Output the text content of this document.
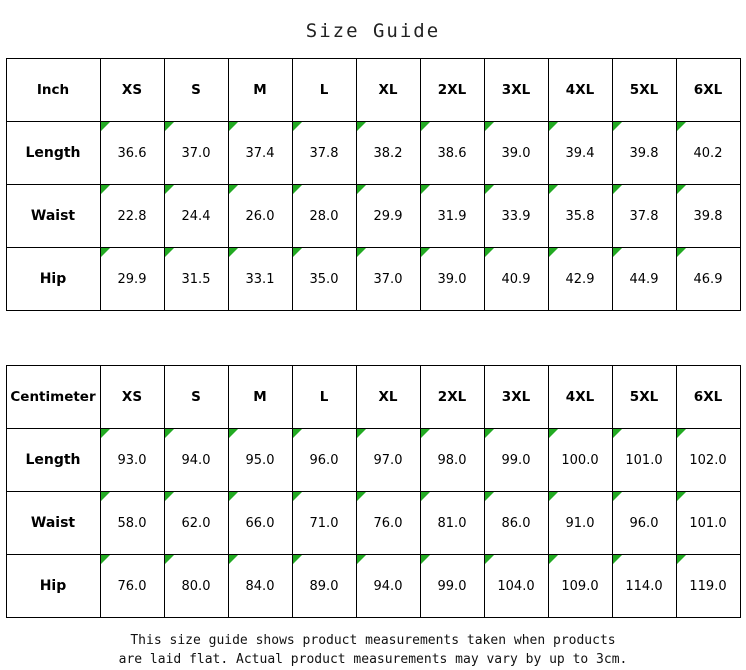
Size Guide
Inch	XS	S	M	L	XL	2XL	3XL	4XL	5XL	6XL
Length	36.6	37.0	37.4	37.8	38.2	38.6	39.0	39.4	39.8	40.2
Waist	22.8	24.4	26.0	28.0	29.9	31.9	33.9	35.8	37.8	39.8
Hip	29.9	31.5	33.1	35.0	37.0	39.0	40.9	42.9	44.9	46.9
Centimeter	XS	S	M	L	XL	2XL	3XL	4XL	5XL	6XL
Length	93.0	94.0	95.0	96.0	97.0	98.0	99.0	100.0	101.0	102.0
Waist	58.0	62.0	66.0	71.0	76.0	81.0	86.0	91.0	96.0	101.0
Hip	76.0	80.0	84.0	89.0	94.0	99.0	104.0	109.0	114.0	119.0
This size guide shows product measurements taken when products
are laid flat. Actual product measurements may vary by up to 3cm.
